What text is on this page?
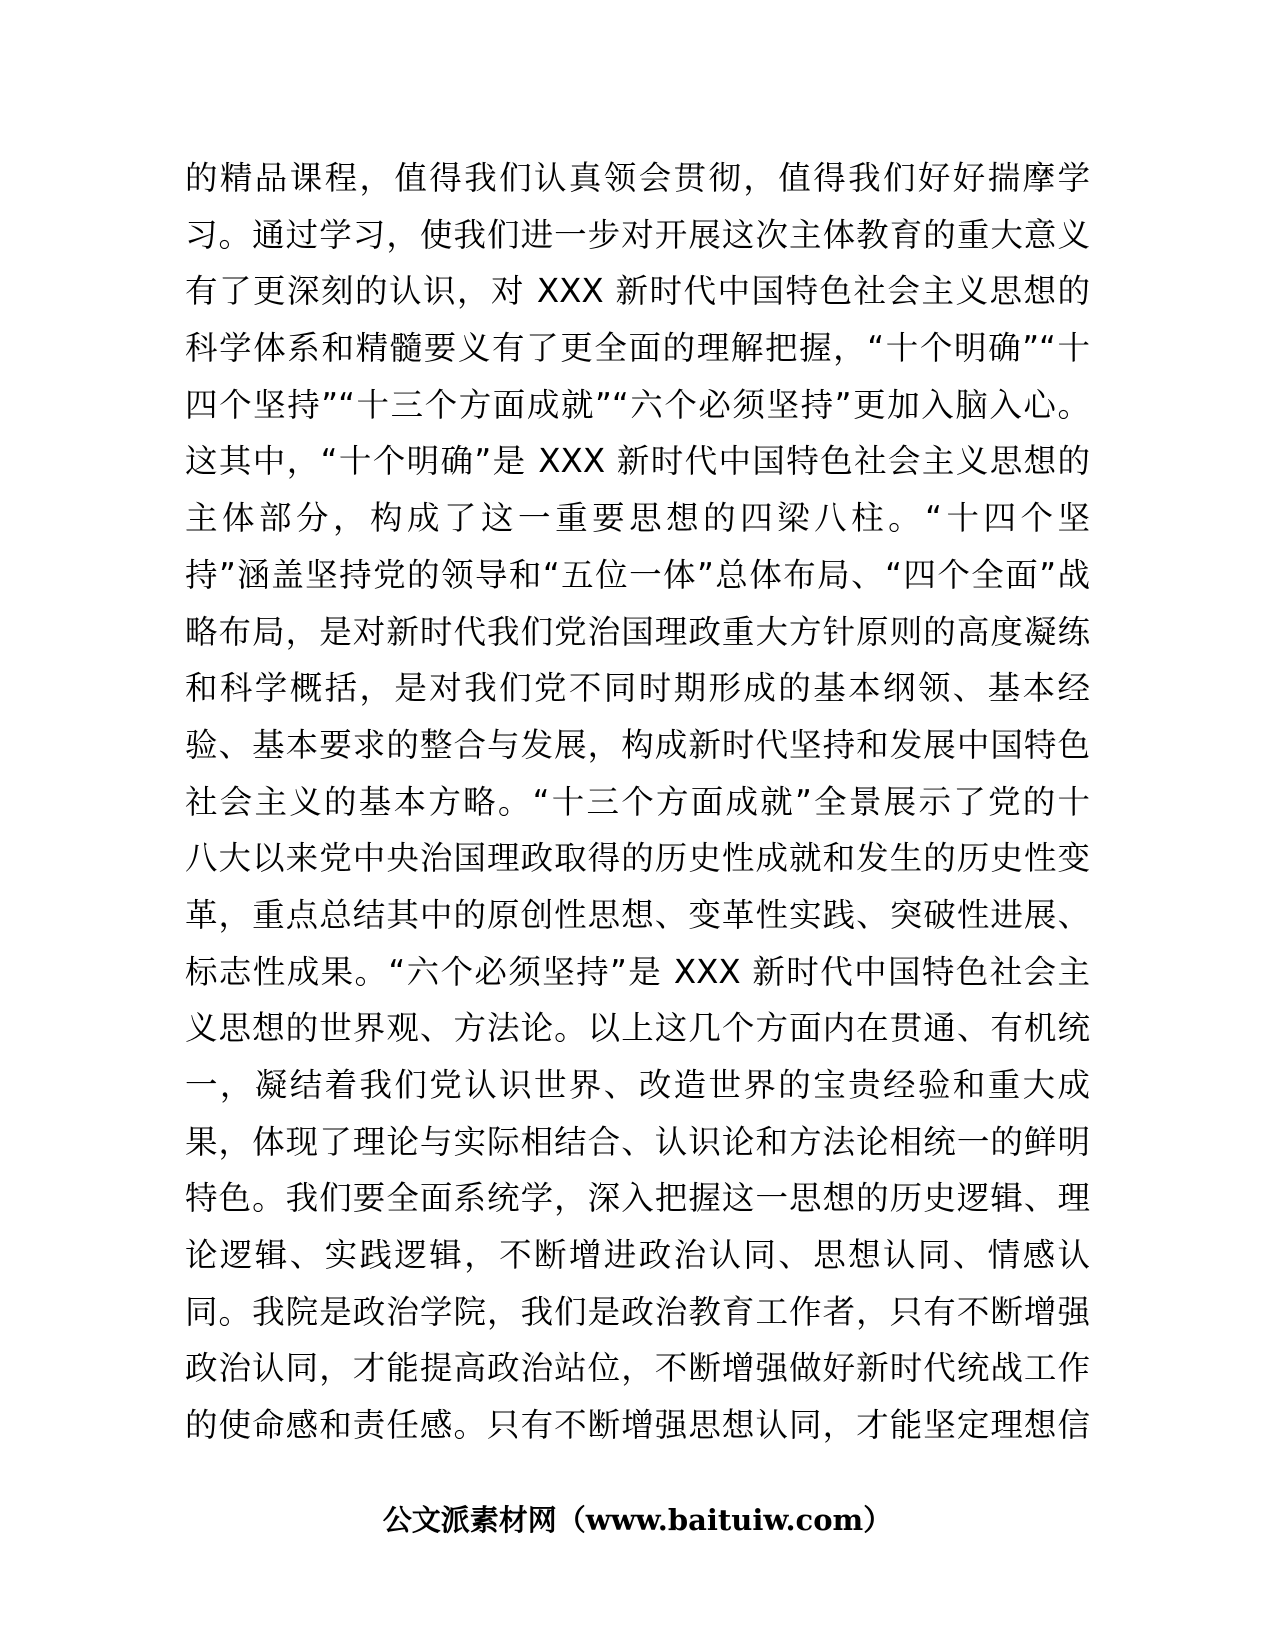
的精品课程，值得我们认真领会贯彻，值得我们好好揣摩学
习。通过学习，使我们进一步对开展这次主体教育的重大意义
有了更深刻的认识，对 XXX 新时代中国特色社会主义思想的
科学体系和精髓要义有了更全面的理解把握，“十个明确”“十
四个坚持”“十三个方面成就”“六个必须坚持”更加入脑入心。
这其中，“十个明确”是 XXX 新时代中国特色社会主义思想的
主体部分，构成了这一重要思想的四梁八柱。“十四个坚
持”涵盖坚持党的领导和“五位一体”总体布局、“四个全面”战
略布局，是对新时代我们党治国理政重大方针原则的高度凝练
和科学概括，是对我们党不同时期形成的基本纲领、基本经
验、基本要求的整合与发展，构成新时代坚持和发展中国特色
社会主义的基本方略。“十三个方面成就”全景展示了党的十
八大以来党中央治国理政取得的历史性成就和发生的历史性变
革，重点总结其中的原创性思想、变革性实践、突破性进展、
标志性成果。“六个必须坚持”是 XXX 新时代中国特色社会主
义思想的世界观、方法论。以上这几个方面内在贯通、有机统
一，凝结着我们党认识世界、改造世界的宝贵经验和重大成
果，体现了理论与实际相结合、认识论和方法论相统一的鲜明
特色。我们要全面系统学，深入把握这一思想的历史逻辑、理
论逻辑、实践逻辑，不断增进政治认同、思想认同、情感认
同。我院是政治学院，我们是政治教育工作者，只有不断增强
政治认同，才能提高政治站位，不断增强做好新时代统战工作
的使命感和责任感。只有不断增强思想认同，才能坚定理想信
公文派素材网（www.baituiw.com）
